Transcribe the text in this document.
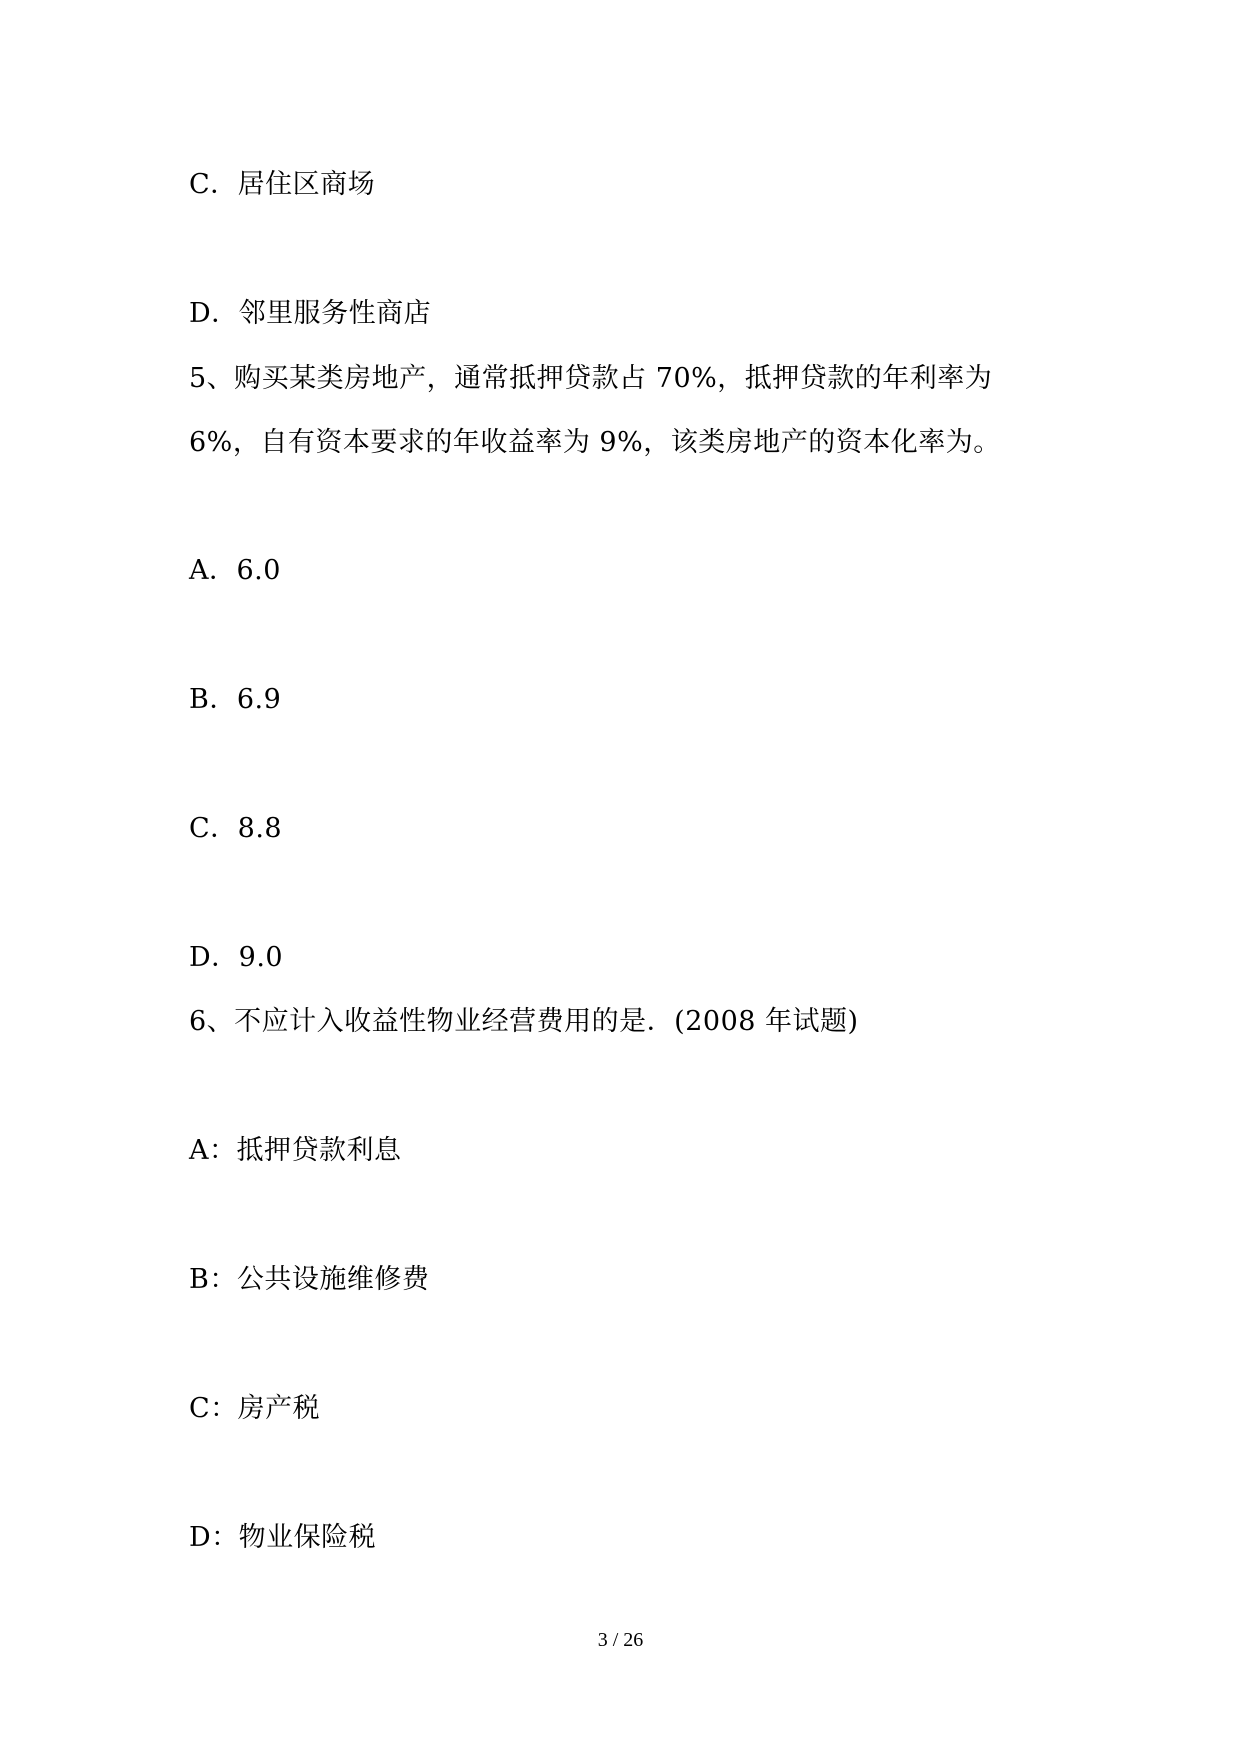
C．居住区商场
D．邻里服务性商店
5、购买某类房地产，通常抵押贷款占 70%，抵押贷款的年利率为
6%，自有资本要求的年收益率为 9%，该类房地产的资本化率为。
A．6.0
B．6.9
C．8.8
D．9.0
6、不应计入收益性物业经营费用的是．(2008 年试题)
A：抵押贷款利息
B：公共设施维修费
C：房产税
D：物业保险税
3 / 26
